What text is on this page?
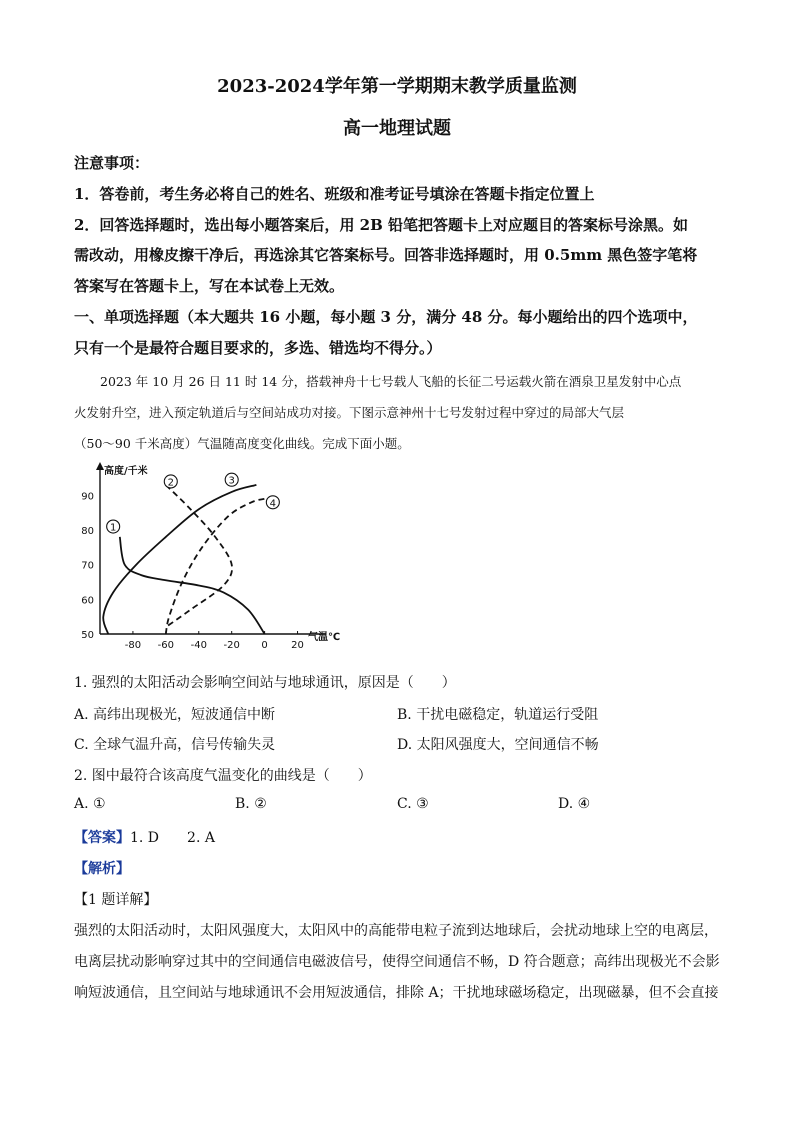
2023-2024学年第一学期期末教学质量监测
高一地理试题
注意事项：
1．答卷前，考生务必将自己的姓名、班级和准考证号填涂在答题卡指定位置上
2．回答选择题时，选出每小题答案后，用 2B 铅笔把答题卡上对应题目的答案标号涂黑。如
需改动，用橡皮擦干净后，再选涂其它答案标号。回答非选择题时，用 0.5mm 黑色签字笔将
答案写在答题卡上，写在本试卷上无效。
一、单项选择题（本大题共 16 小题，每小题 3 分，满分 48 分。每小题给出的四个选项中，
只有一个是最符合题目要求的，多选、错选均不得分。）
2023 年 10 月 26 日 11 时 14 分，搭载神舟十七号载人飞船的长征二号运载火箭在酒泉卫星发射中心点
火发射升空，进入预定轨道后与空间站成功对接。下图示意神州十七号发射过程中穿过的局部大气层
（50～90 千米高度）气温随高度变化曲线。完成下面小题。
高度/千米
气温℃
50
60
70
80
90
-80 -60 -40 -20 0 20
1
2	3
4
1. 强烈的太阳活动会影响空间站与地球通讯，原因是（　　）
A. 高纬出现极光，短波通信中断	B. 干扰电磁稳定，轨道运行受阻
C. 全球气温升高，信号传输失灵	D. 太阳风强度大，空间通信不畅
2. 图中最符合该高度气温变化的曲线是（　　）
A. ①	B. ②	C. ③	D. ④
【答案】1. D　　2. A
【解析】
【1 题详解】
强烈的太阳活动时，太阳风强度大，太阳风中的高能带电粒子流到达地球后，会扰动地球上空的电离层，
电离层扰动影响穿过其中的空间通信电磁波信号，使得空间通信不畅，D 符合题意；高纬出现极光不会影
响短波通信，且空间站与地球通讯不会用短波通信，排除 A；干扰地球磁场稳定，出现磁暴，但不会直接
